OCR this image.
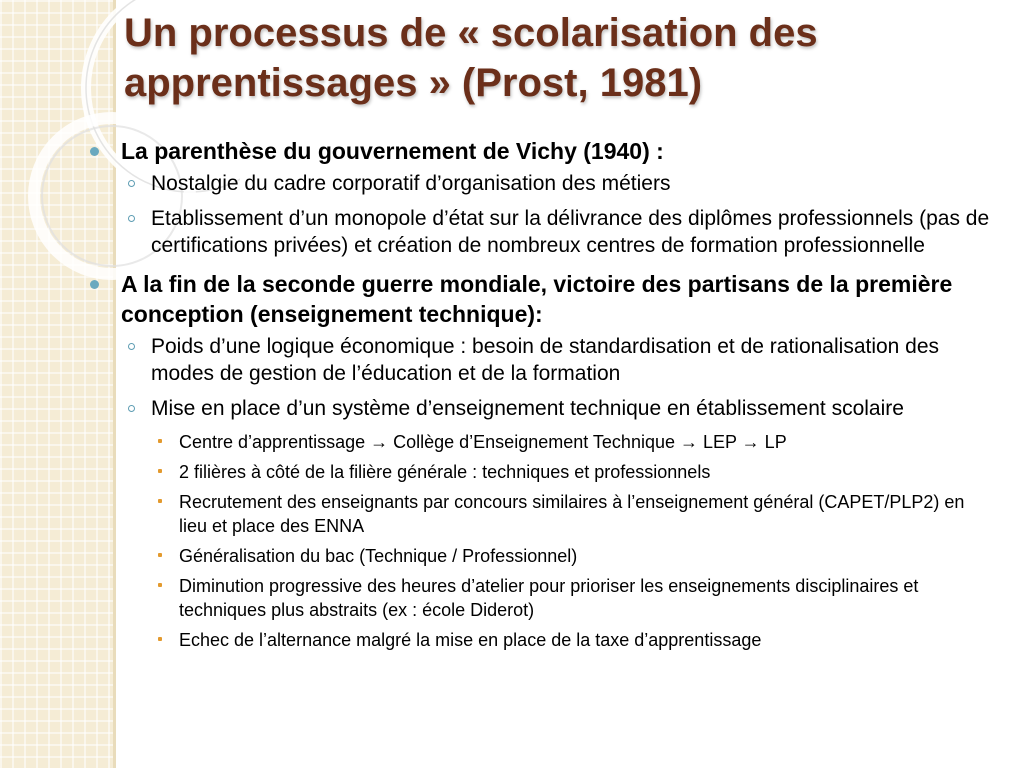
Un processus de « scolarisation des apprentissages » (Prost, 1981)
La parenthèse du gouvernement de Vichy (1940) :
Nostalgie du cadre corporatif d’organisation des métiers
Etablissement d’un monopole d’état sur la délivrance des diplômes professionnels (pas de certifications privées) et création de nombreux centres de formation professionnelle
A la fin de la seconde guerre mondiale, victoire des partisans de la première conception (enseignement technique):
Poids d’une logique économique : besoin de standardisation et de rationalisation des modes de gestion de l’éducation et de la formation
Mise en place d’un système d’enseignement technique en établissement scolaire
Centre d’apprentissage → Collège d’Enseignement Technique → LEP → LP
2 filières à côté de la filière générale : techniques et professionnels
Recrutement des enseignants par concours similaires à l’enseignement général (CAPET/PLP2) en lieu et place des ENNA
Généralisation du bac (Technique / Professionnel)
Diminution progressive des heures d’atelier pour prioriser les enseignements disciplinaires et techniques plus abstraits (ex : école Diderot)
Echec de l’alternance malgré la mise en place de la taxe d’apprentissage
